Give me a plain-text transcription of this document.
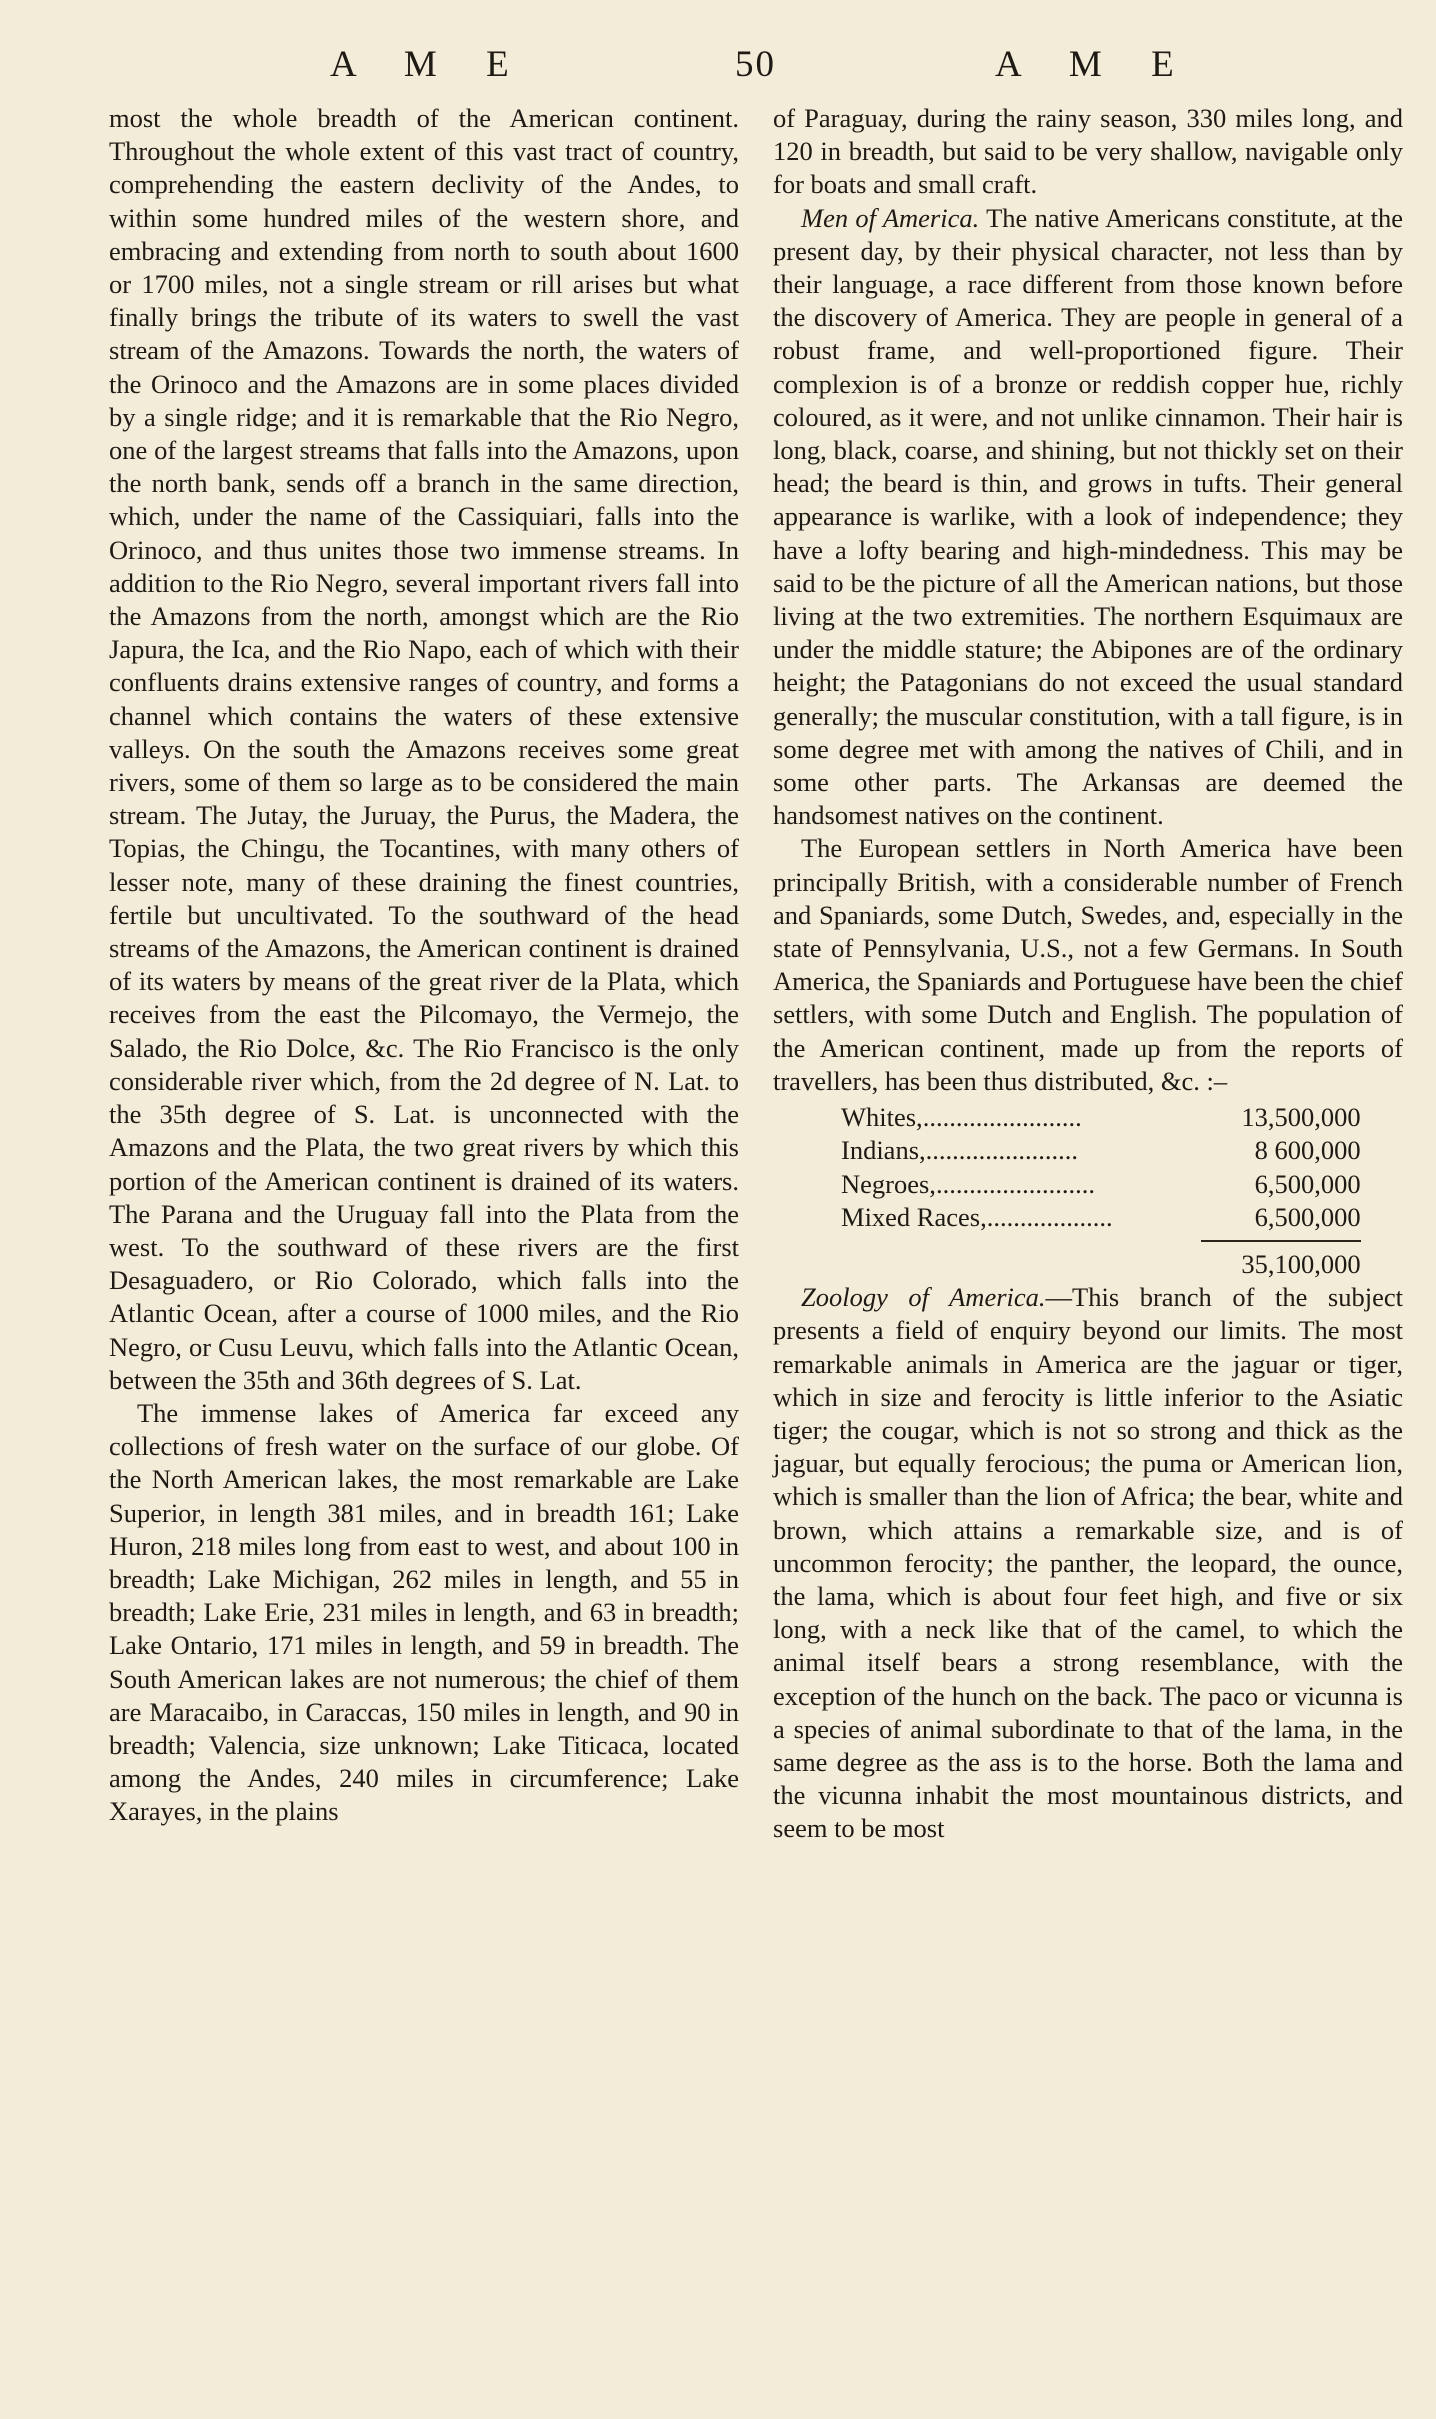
A M E	50	A M E

most the whole breadth of the American continent. Throughout the whole extent of this vast tract of country, comprehending the eastern declivity of the Andes, to within some hundred miles of the western shore, and embracing and extending from north to south about 1600 or 1700 miles, not a single stream or rill arises but what finally brings the tribute of its waters to swell the vast stream of the Amazons. Towards the north, the waters of the Orinoco and the Amazons are in some places divided by a single ridge; and it is remarkable that the Rio Negro, one of the largest streams that falls into the Amazons, upon the north bank, sends off a branch in the same direction, which, under the name of the Cassiquiari, falls into the Orinoco, and thus unites those two immense streams. In addition to the Rio Negro, several important rivers fall into the Amazons from the north, amongst which are the Rio Japura, the Ica, and the Rio Napo, each of which with their confluents drains extensive ranges of country, and forms a channel which contains the waters of these extensive valleys. On the south the Amazons receives some great rivers, some of them so large as to be considered the main stream. The Jutay, the Juruay, the Purus, the Madera, the Topias, the Chingu, the Tocantines, with many others of lesser note, many of these draining the finest countries, fertile but uncultivated. To the southward of the head streams of the Amazons, the American continent is drained of its waters by means of the great river de la Plata, which receives from the east the Pilcomayo, the Vermejo, the Salado, the Rio Dolce, &c. The Rio Francisco is the only considerable river which, from the 2d degree of N. Lat. to the 35th degree of S. Lat. is unconnected with the Amazons and the Plata, the two great rivers by which this portion of the American continent is drained of its waters. The Parana and the Uruguay fall into the Plata from the west. To the southward of these rivers are the first Desaguadero, or Rio Colorado, which falls into the Atlantic Ocean, after a course of 1000 miles, and the Rio Negro, or Cusu Leuvu, which falls into the Atlantic Ocean, between the 35th and 36th degrees of S. Lat.

The immense lakes of America far exceed any collections of fresh water on the surface of our globe. Of the North American lakes, the most remarkable are Lake Superior, in length 381 miles, and in breadth 161; Lake Huron, 218 miles long from east to west, and about 100 in breadth; Lake Michigan, 262 miles in length, and 55 in breadth; Lake Erie, 231 miles in length, and 63 in breadth; Lake Ontario, 171 miles in length, and 59 in breadth. The South American lakes are not numerous; the chief of them are Maracaibo, in Caraccas, 150 miles in length, and 90 in breadth; Valencia, size unknown; Lake Titicaca, located among the Andes, 240 miles in circumference; Lake Xarayes, in the plains

of Paraguay, during the rainy season, 330 miles long, and 120 in breadth, but said to be very shallow, navigable only for boats and small craft.

Men of America. The native Americans constitute, at the present day, by their physical character, not less than by their language, a race different from those known before the discovery of America. They are people in general of a robust frame, and well-proportioned figure. Their complexion is of a bronze or reddish copper hue, richly coloured, as it were, and not unlike cinnamon. Their hair is long, black, coarse, and shining, but not thickly set on their head; the beard is thin, and grows in tufts. Their general appearance is warlike, with a look of independence; they have a lofty bearing and high-mindedness. This may be said to be the picture of all the American nations, but those living at the two extremities. The northern Esquimaux are under the middle stature; the Abipones are of the ordinary height; the Patagonians do not exceed the usual standard generally; the muscular constitution, with a tall figure, is in some degree met with among the natives of Chili, and in some other parts. The Arkansas are deemed the handsomest natives on the continent.

The European settlers in North America have been principally British, with a considerable number of French and Spaniards, some Dutch, Swedes, and, especially in the state of Pennsylvania, U.S., not a few Germans. In South America, the Spaniards and Portuguese have been the chief settlers, with some Dutch and English. The population of the American continent, made up from the reports of travellers, has been thus distributed, &c. :–

Whites,........................	13,500,000
Indians,.......................	8 600,000
Negroes,........................	6,500,000
Mixed Races,...................	6,500,000

	35,100,000

Zoology of America.—This branch of the subject presents a field of enquiry beyond our limits. The most remarkable animals in America are the jaguar or tiger, which in size and ferocity is little inferior to the Asiatic tiger; the cougar, which is not so strong and thick as the jaguar, but equally ferocious; the puma or American lion, which is smaller than the lion of Africa; the bear, white and brown, which attains a remarkable size, and is of uncommon ferocity; the panther, the leopard, the ounce, the lama, which is about four feet high, and five or six long, with a neck like that of the camel, to which the animal itself bears a strong resemblance, with the exception of the hunch on the back. The paco or vicunna is a species of animal subordinate to that of the lama, in the same degree as the ass is to the horse. Both the lama and the vicunna inhabit the most mountainous districts, and seem to be most
